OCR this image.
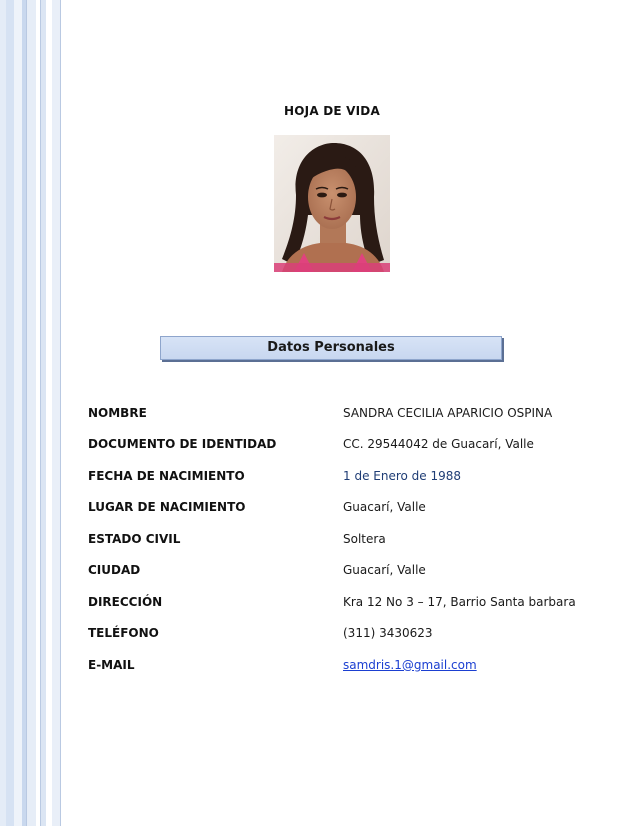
HOJA DE VIDA
Datos Personales
NOMBRE	SANDRA CECILIA APARICIO OSPINA
DOCUMENTO DE IDENTIDAD	CC. 29544042 de Guacarí, Valle
FECHA DE NACIMIENTO	1 de Enero de 1988
LUGAR DE NACIMIENTO	Guacarí, Valle
ESTADO CIVIL	Soltera
CIUDAD	Guacarí, Valle
DIRECCIÓN	Kra 12 No 3 – 17, Barrio Santa barbara
TELÉFONO	(311) 3430623
E-MAIL	samdris.1@gmail.com
